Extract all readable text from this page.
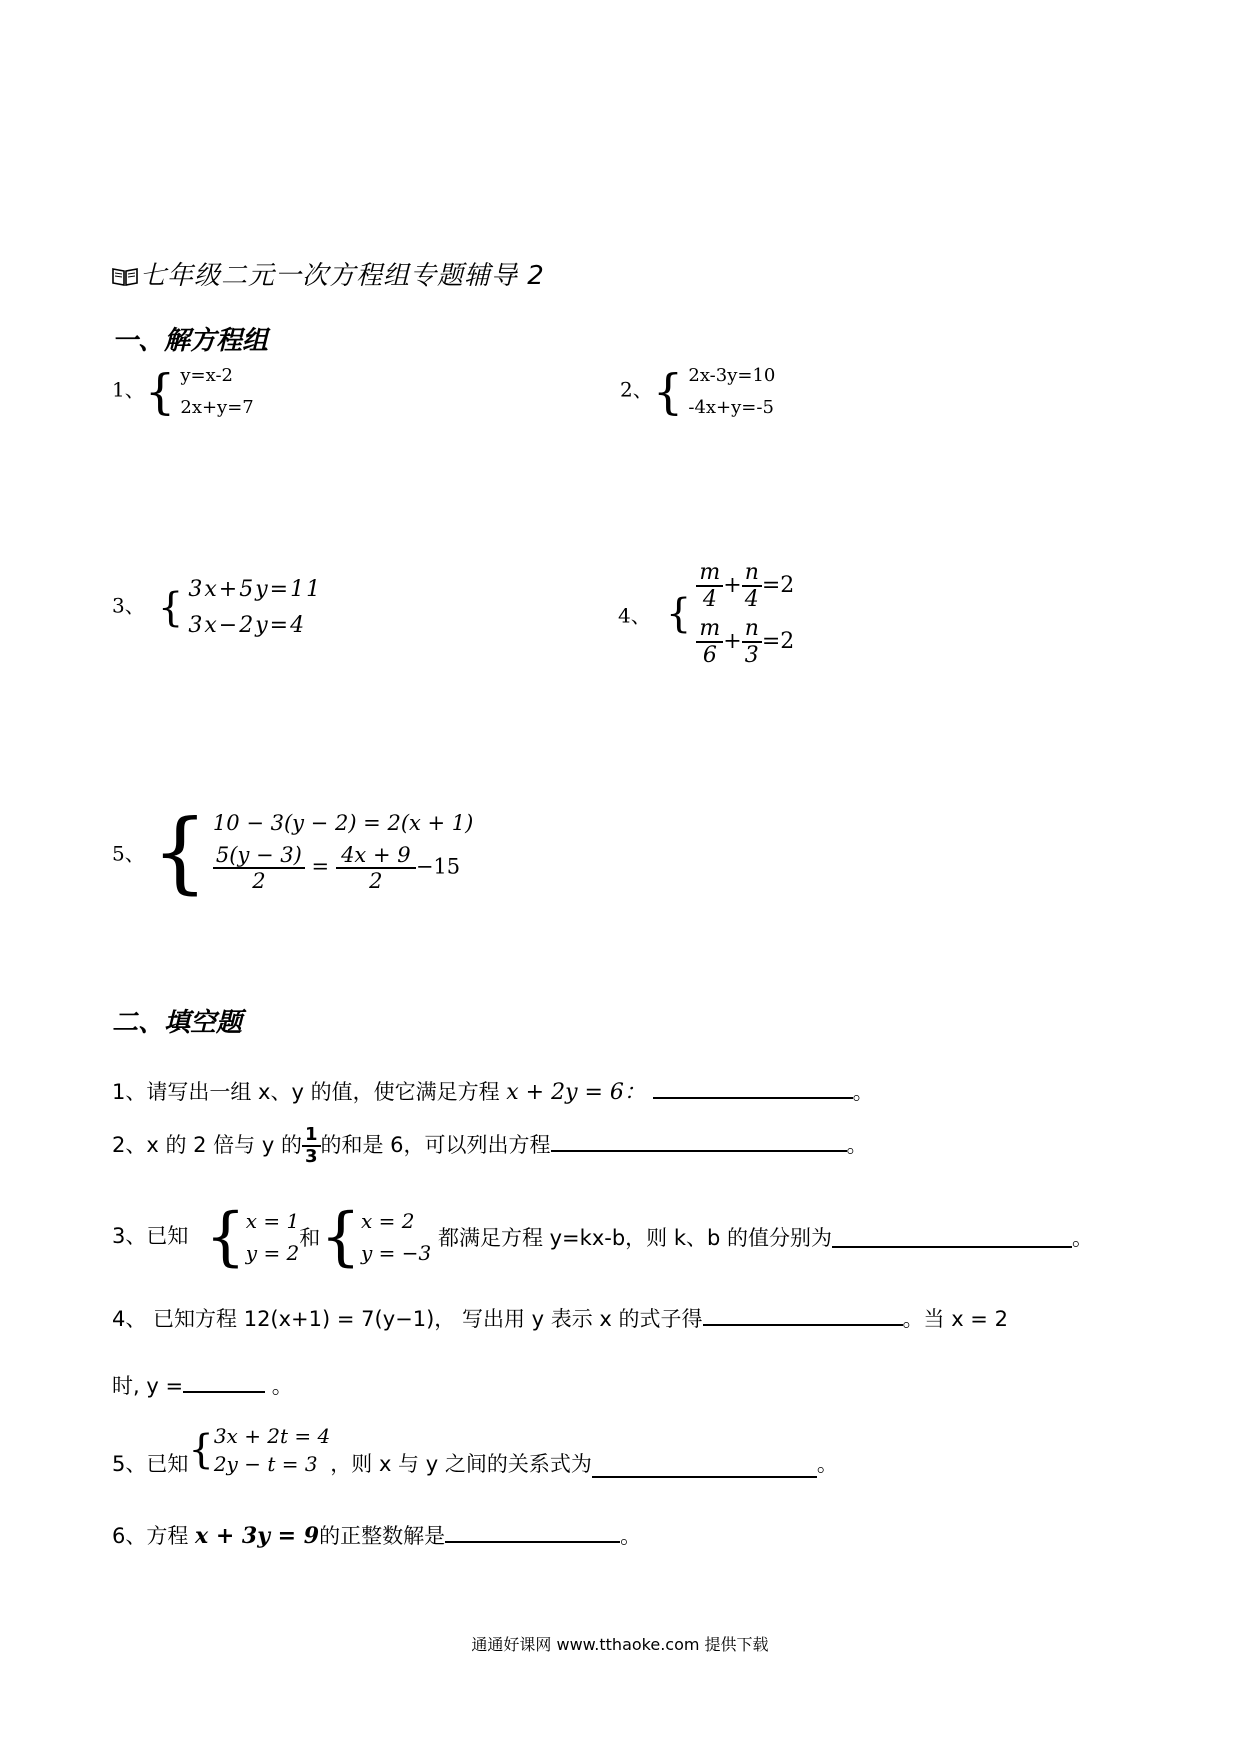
七年级二元一次方程组专题辅导 2
一、解方程组
1、{ y=x-2
2x+y=7
2、{ 2x-3y=10
-4x+y=-5
3、 { 3x+5y=11
3x−2y=4	4、 {
$\frac{m}{4} + \frac{n}{4} =2$
$\frac{m}{6} + \frac{n}{3} =2$
5、 { 10 − 3(y − 2) = 2(x + 1)
$\frac{5(y - 3)}{2} = \frac{4x + 9}{2} -15$
二、填空题
1、请写出一组 x、y 的值，使它满足方程 x + 2y = 6：	。
2、x 的 2 倍与 y 的 $\frac{1}{3}$ 的和是 6，可以列出方程	。
3、已知 { x = 1
y = 2
和{ x = 2
y = −3
都满足方程 y=kx-b，则 k、b 的值分别为	。
4、 已知方程 12(x+1) = 7(y−1)， 写出用 y 表示 x 的式子得	。当 x = 2
时, y =	。
5、已知{ 3x + 2t = 4
2y − t = 3 ，则 x 与 y 之间的关系式为	。
6、方程 x + 3y = 9的正整数解是	。
通通好课网 www.tthaoke.com 提供下载
